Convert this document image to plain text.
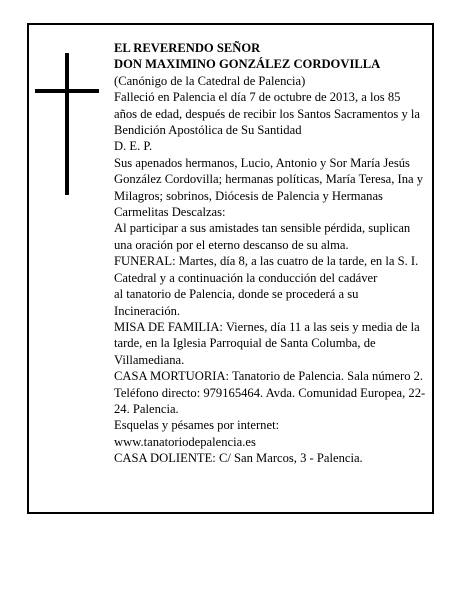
EL REVERENDO SEÑOR

DON MAXIMINO GONZÁLEZ CORDOVILLA

(Canónigo de la Catedral de Palencia)

Falleció en Palencia el día 7 de octubre de 2013, a los 85 años de edad, después de recibir los Santos Sacramentos y la Bendición Apostólica de Su Santidad

D. E. P.

Sus apenados hermanos, Lucio, Antonio y Sor María Jesús González Cordovilla; hermanas políticas, María Teresa, Ina y Milagros; sobrinos, Diócesis de Palencia y Hermanas Carmelitas Descalzas:

Al participar a sus amistades tan sensible pérdida, suplican una oración por el eterno descanso de su alma.

FUNERAL: Martes, día 8, a las cuatro de la tarde, en la S. I. Catedral y a continuación la conducción del cadáver

al tanatorio de Palencia, donde se procederá a su Incineración.

MISA DE FAMILIA: Viernes, día 11 a las seis y media de la tarde, en la Iglesia Parroquial de Santa Columba, de Villamediana.

CASA MORTUORIA: Tanatorio de Palencia. Sala número 2. Teléfono directo: 979165464. Avda. Comunidad Europea, 22-24. Palencia.

Esquelas y pésames por internet:

www.tanatoriodepalencia.es

CASA DOLIENTE: C/ San Marcos, 3 - Palencia.
